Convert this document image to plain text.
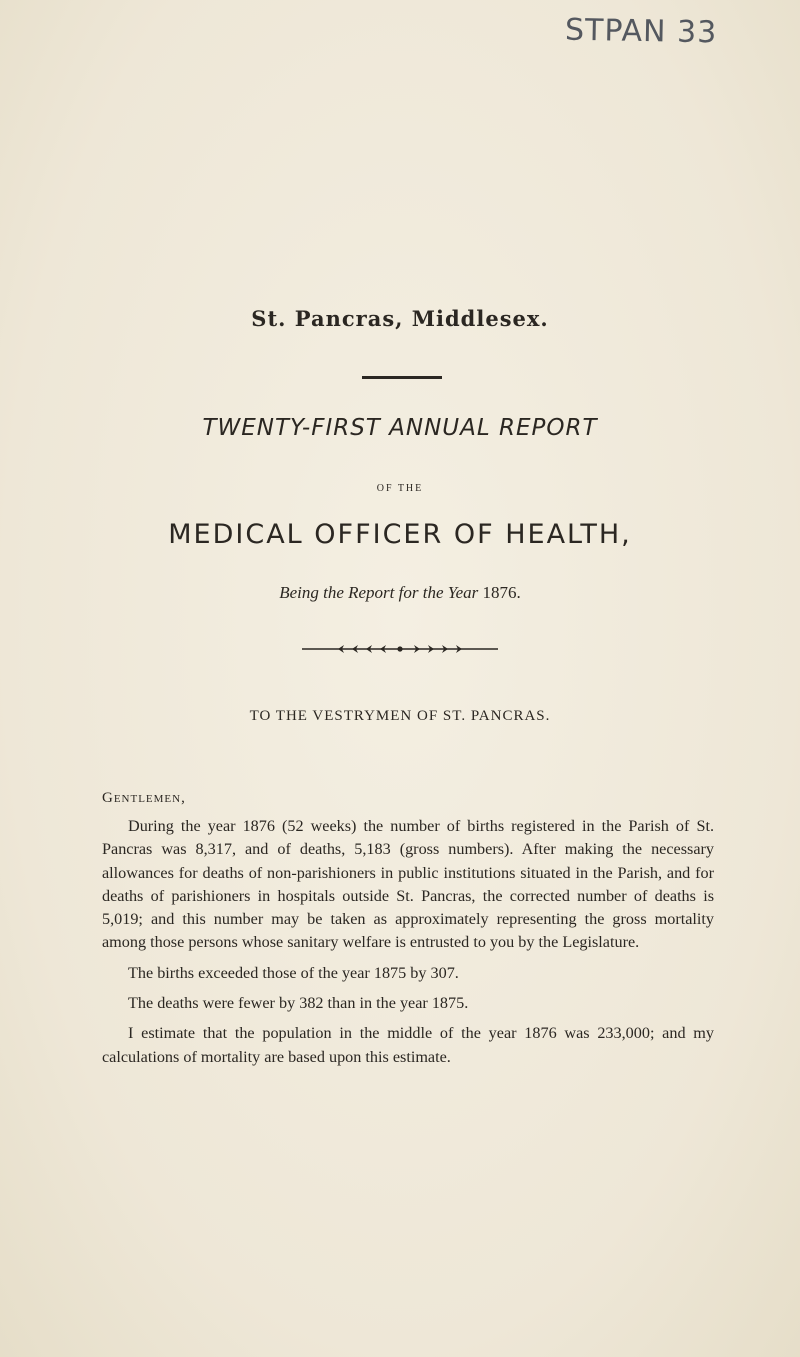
STPAN 33
St. Pancras, Middlesex.
TWENTY-FIRST ANNUAL REPORT
OF THE
MEDICAL OFFICER OF HEALTH,
Being the Report for the Year 1876.
TO THE VESTRYMEN OF ST. PANCRAS.
Gentlemen,

During the year 1876 (52 weeks) the number of births registered in the Parish of St. Pancras was 8,317, and of deaths, 5,183 (gross numbers). After making the necessary allowances for deaths of non-parishioners in public institutions situated in the Parish, and for deaths of parishioners in hospitals outside St. Pancras, the corrected number of deaths is 5,019; and this number may be taken as approximately representing the gross mortality among those persons whose sanitary welfare is entrusted to you by the Legislature.

The births exceeded those of the year 1875 by 307.

The deaths were fewer by 382 than in the year 1875.

I estimate that the population in the middle of the year 1876 was 233,000; and my calculations of mortality are based upon this estimate.
